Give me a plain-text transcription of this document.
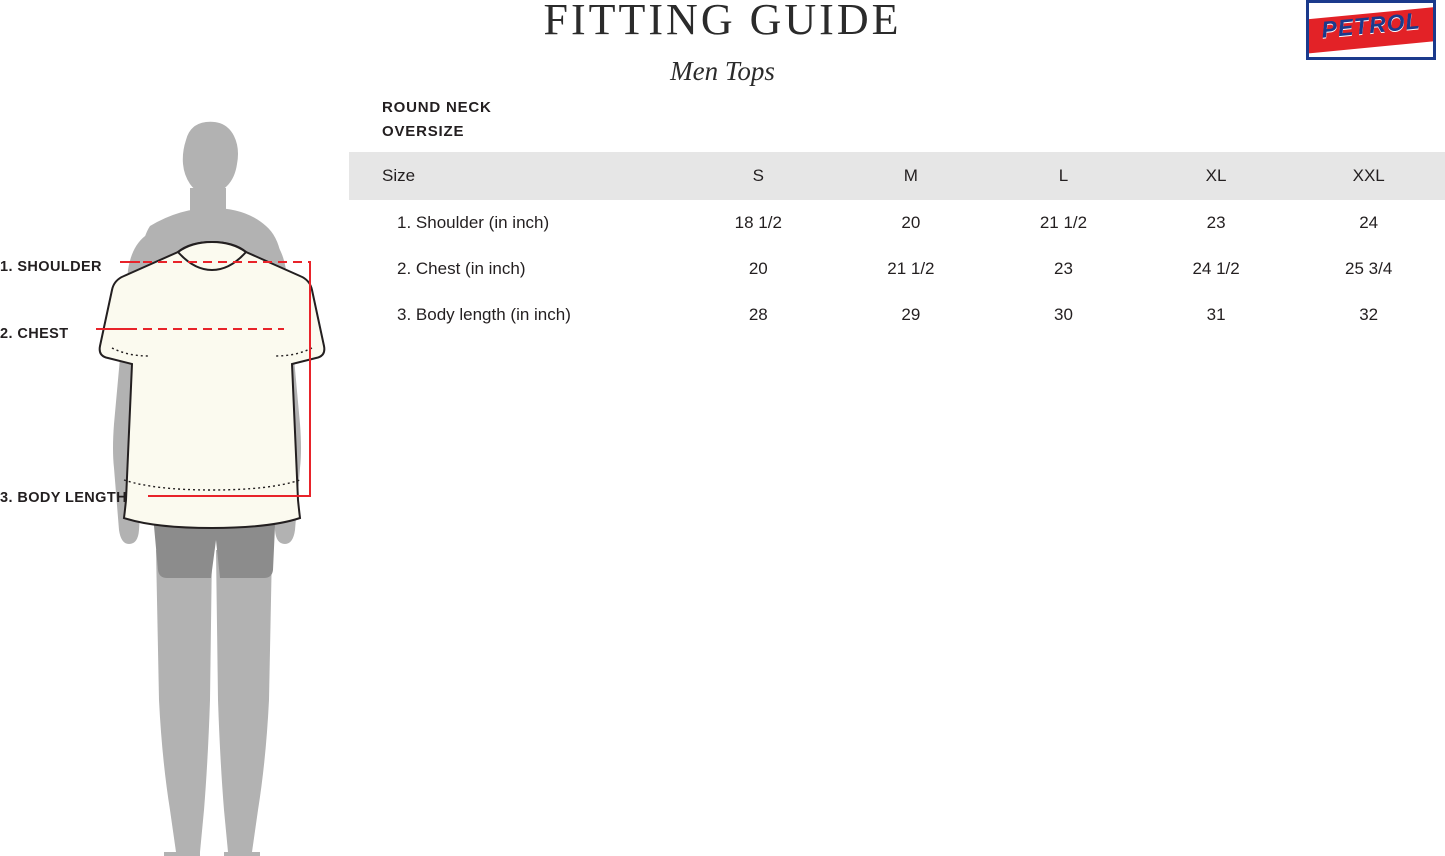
FITTING GUIDE
Men Tops
PETROL
ROUND NECK
OVERSIZE
Size	S	M	L	XL	XXL
1. Shoulder (in inch)	18 1/2	20	21 1/2	23	24
2. Chest (in inch)	20	21 1/2	23	24 1/2	25 3/4
3. Body length (in inch)	28	29	30	31	32
1. SHOULDER
2. CHEST
3. BODY LENGTH
